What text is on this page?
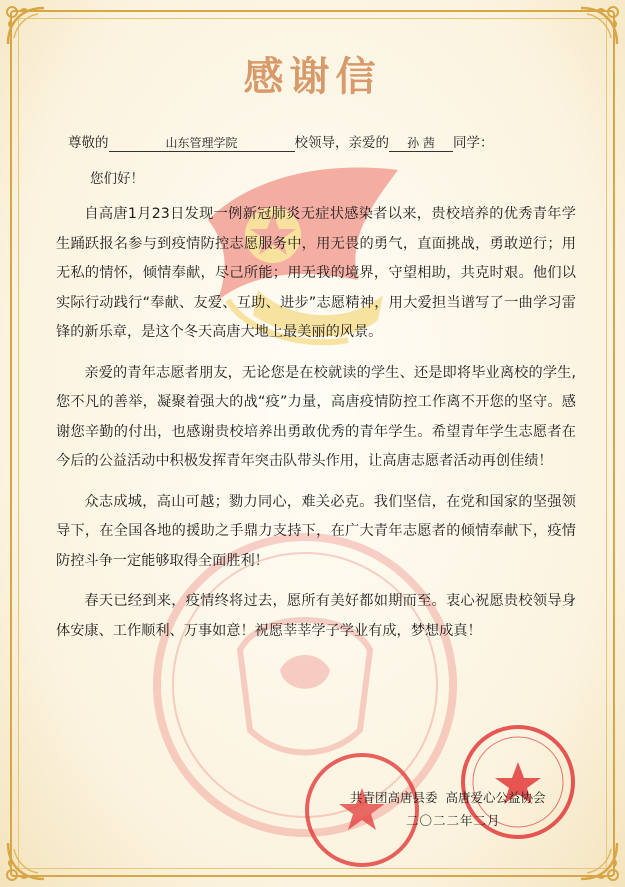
感谢信
尊敬的	山东管理学院	校领导，亲爱的 孙 茜 同学：
您们好！

自高唐1月23日发现一例新冠肺炎无症状感染者以来，贵校培养的优秀青年学生踊跃报名参与到疫情防控志愿服务中，用无畏的勇气，直面挑战，勇敢逆行；用无私的情怀，倾情奉献，尽己所能；用无我的境界，守望相助，共克时艰。他们以实际行动践行“奉献、友爱、互助、进步”志愿精神，用大爱担当谱写了一曲学习雷锋的新乐章，是这个冬天高唐大地上最美丽的风景。

亲爱的青年志愿者朋友，无论您是在校就读的学生、还是即将毕业离校的学生,您不凡的善举，凝聚着强大的战“疫”力量，高唐疫情防控工作离不开您的坚守。感谢您辛勤的付出，也感谢贵校培养出勇敢优秀的青年学生。希望青年学生志愿者在今后的公益活动中积极发挥青年突击队带头作用，让高唐志愿者活动再创佳绩！

众志成城，高山可越；勠力同心，难关必克。我们坚信，在党和国家的坚强领导下，在全国各地的援助之手鼎力支持下，在广大青年志愿者的倾情奉献下，疫情防控斗争一定能够取得全面胜利！

春天已经到来，疫情终将过去，愿所有美好都如期而至。衷心祝愿贵校领导身体安康、工作顺利、万事如意！祝愿莘莘学子学业有成，梦想成真！

共青团高唐县委 高唐爱心公益协会
二〇二二年二月
